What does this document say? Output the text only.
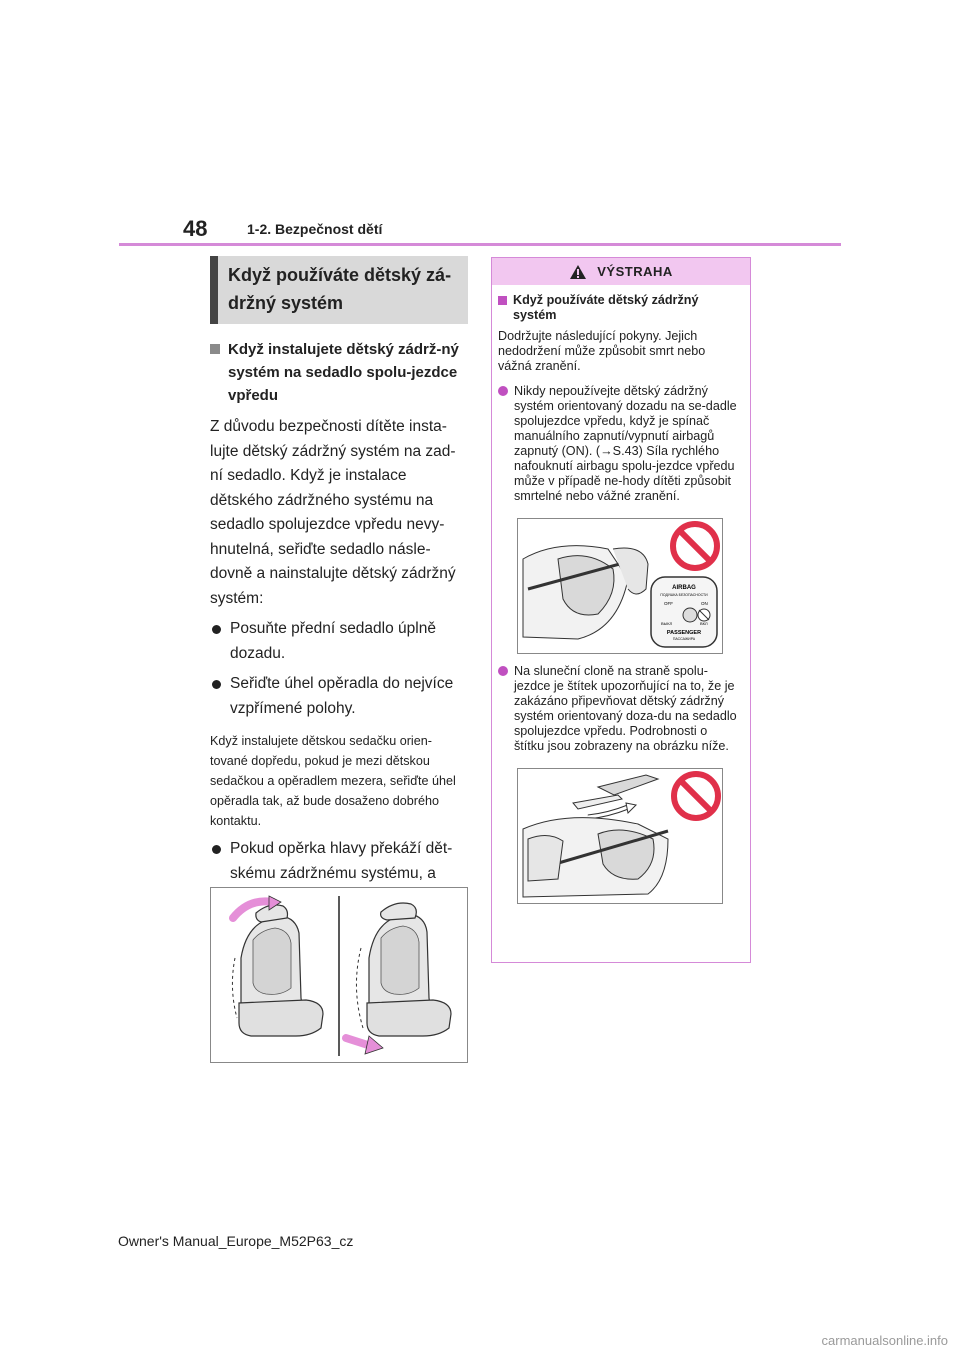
48	1-2. Bezpečnost dětí
Když používáte dětský zá-držný systém
Když instalujete dětský zádrž-ný systém na sedadlo spolu-jezdce vpředu
Z důvodu bezpečnosti dítěte insta-lujte dětský zádržný systém na zad-ní sedadlo. Když je instalace dětského zádržného systému na sedadlo spolujezdce vpředu nevy-hnutelná, seřiďte sedadlo násle-dovně a nainstalujte dětský zádržný systém:
Posuňte přední sedadlo úplně dozadu.
Seřiďte úhel opěradla do nejvíce vzpřímené polohy.
Když instalujete dětskou sedačku orien-tované dopředu, pokud je mezi dětskou sedačkou a opěradlem mezera, seřiďte úhel opěradla tak, až bude dosaženo dobrého kontaktu.
Pokud opěrka hlavy překáží dět-skému zádržnému systému, a
VÝSTRAHA
Když používáte dětský zádržný systém
Dodržujte následující pokyny. Jejich nedodržení může způsobit smrt nebo vážná zranění.
Nikdy nepoužívejte dětský zádržný systém orientovaný dozadu na se-dadle spolujezdce vpředu, když je spínač manuálního zapnutí/vypnutí airbagů zapnutý (ON). (→S.43) Síla rychlého nafouknutí airbagu spolu-jezdce vpředu může v případě ne-hody dítěti způsobit smrtelné nebo vážné zranění.
AIRBAG
ПОДУШКА БЕЗОПАСНОСТИ
OFF	ON
ВЫКЛ	ВКЛ
PASSENGER
ПАССАЖИРА
Na sluneční cloně na straně spolu-jezdce je štítek upozorňující na to, že je zakázáno připevňovat dětský zádržný systém orientovaný doza-du na sedadlo spolujezdce vpředu. Podrobnosti o štítku jsou zobrazeny na obrázku níže.
Owner's Manual_Europe_M52P63_cz
carmanualsonline.info
